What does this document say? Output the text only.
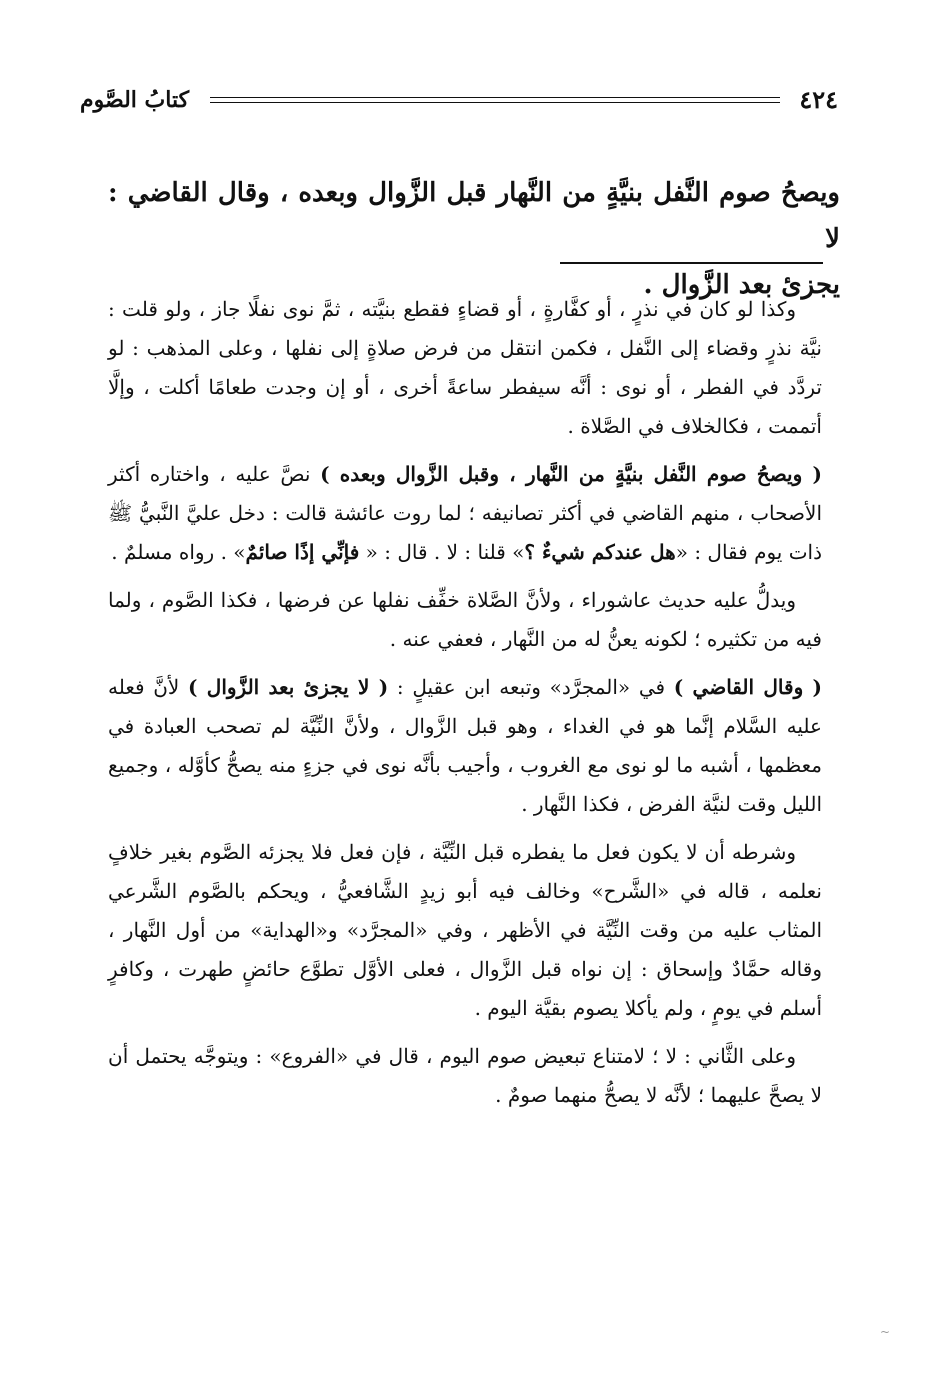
٤٢٤
كتابُ الصَّوم
ويصحُ صوم النَّفل بنيَّةٍ من النَّهار قبل الزَّوال وبعده ، وقال القاضي : لا
يجزئ بعد الزَّوال .

وكذا لو كان في نذرٍ ، أو كفَّارةٍ ، أو قضاءٍ فقطع بنيَّته ، ثمَّ نوى نفلًا جاز ، ولو قلت : نيَّة نذرٍ وقضاء إلى النَّفل ، فكمن انتقل من فرض صلاةٍ إلى نفلها ، وعلى المذهب : لو تردَّد في الفطر ، أو نوى : أنَّه سيفطر ساعةً أخرى ، أو إن وجدت طعامًا أكلت ، وإلَّا أتممت ، فكالخلاف في الصَّلاة .

( ويصحُ صوم النَّفل بنيَّةٍ من النَّهار ، وقبل الزَّوال وبعده ) نصَّ عليه ، واختاره أكثر الأصحاب ، منهم القاضي في أكثر تصانيفه ؛ لما روت عائشة قالت : دخل عليَّ النَّبيُّ ﷺ ذات يوم فقال : «هل عندكم شيءٌ ؟» قلنا : لا . قال : « فإنِّي إذًا صائمٌ» . رواه مسلمٌ .

ويدلُّ عليه حديث عاشوراء ، ولأنَّ الصَّلاة خفِّف نفلها عن فرضها ، فكذا الصَّوم ، ولما فيه من تكثيره ؛ لكونه يعنُّ له من النَّهار ، فعفي عنه .

( وقال القاضي ) في «المجرَّد» وتبعه ابن عقيلٍ : ( لا يجزئ بعد الزَّوال ) لأنَّ فعله عليه السَّلام إنَّما هو في الغداء ، وهو قبل الزَّوال ، ولأنَّ النِّيَّة لم تصحب العبادة في معظمها ، أشبه ما لو نوى مع الغروب ، وأجيب بأنَّه نوى في جزءٍ منه يصحُّ كأوَّله ، وجميع الليل وقت لنيَّة الفرض ، فكذا النَّهار .

وشرطه أن لا يكون فعل ما يفطره قبل النِّيَّة ، فإن فعل فلا يجزئه الصَّوم بغير خلافٍ نعلمه ، قاله في «الشَّرح» وخالف فيه أبو زيدٍ الشَّافعيُّ ، ويحكم بالصَّوم الشَّرعي المثاب عليه من وقت النِّيَّة في الأظهر ، وفي «المجرَّد» و«الهداية» من أول النَّهار ، وقاله حمَّادٌ وإسحاق : إن نواه قبل الزَّوال ، فعلى الأوَّل تطوَّع حائضٍ طهرت ، وكافرٍ أسلم في يومٍ ، ولم يأكلا يصوم بقيَّة اليوم .

وعلى الثَّاني : لا ؛ لامتناع تبعيض صوم اليوم ، قال في «الفروع» : ويتوجَّه يحتمل أن لا يصحَّ عليهما ؛ لأنَّه لا يصحُّ منهما صومٌ .

~
